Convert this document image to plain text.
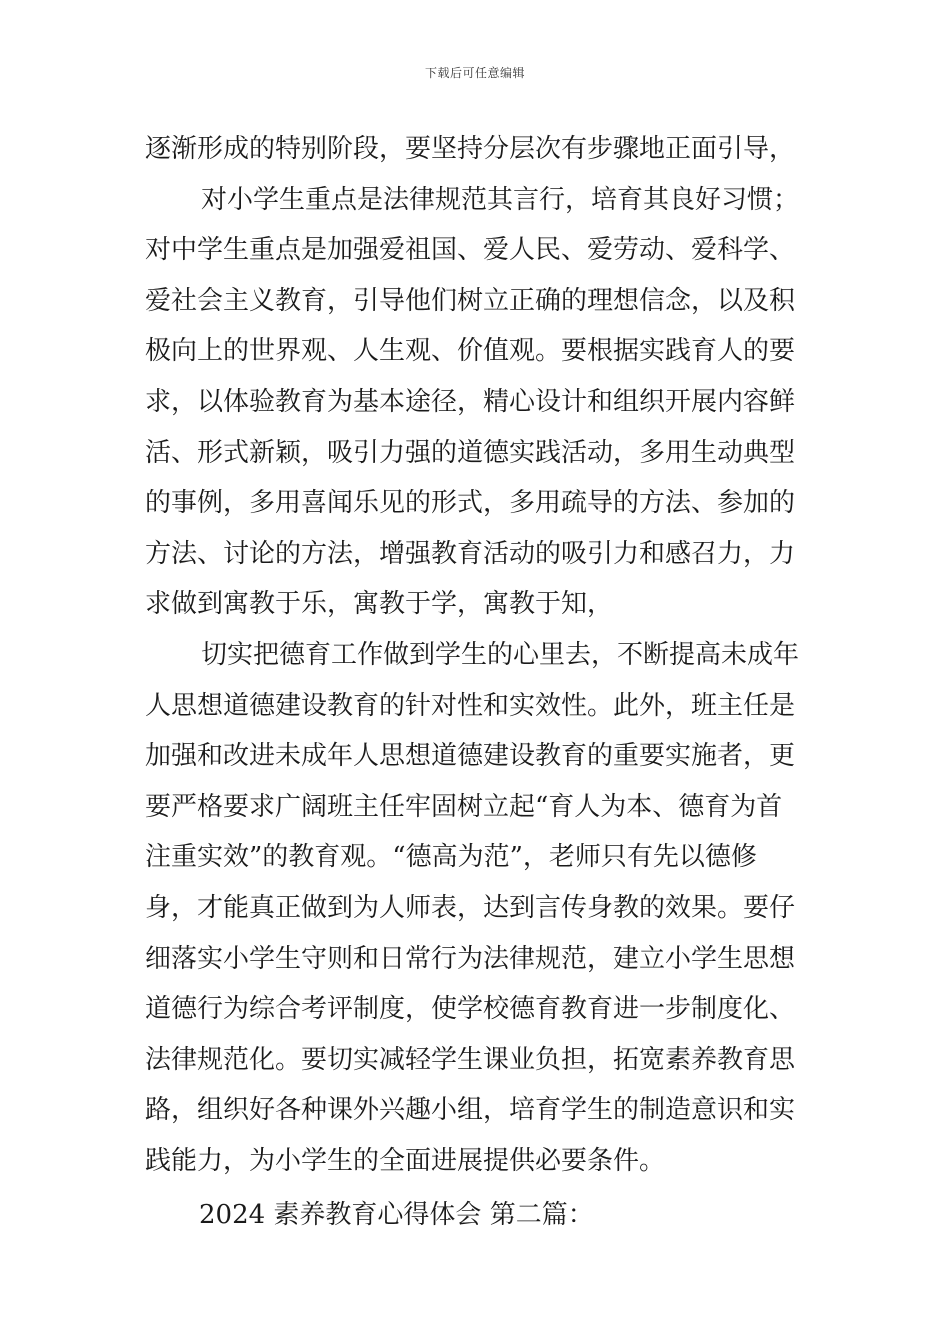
下载后可任意编辑
逐渐形成的特别阶段，要坚持分层次有步骤地正面引导，
对小学生重点是法律规范其言行，培育其良好习惯；
对中学生重点是加强爱祖国、爱人民、爱劳动、爱科学、
爱社会主义教育，引导他们树立正确的理想信念，以及积
极向上的世界观、人生观、价值观。要根据实践育人的要
求，以体验教育为基本途径，精心设计和组织开展内容鲜
活、形式新颖，吸引力强的道德实践活动，多用生动典型
的事例，多用喜闻乐见的形式，多用疏导的方法、参加的
方法、讨论的方法，增强教育活动的吸引力和感召力，力
求做到寓教于乐，寓教于学，寓教于知，
切实把德育工作做到学生的心里去，不断提高未成年
人思想道德建设教育的针对性和实效性。此外，班主任是
加强和改进未成年人思想道德建设教育的重要实施者，更
要严格要求广阔班主任牢固树立起“育人为本、德育为首
注重实效”的教育观。“德高为范”，老师只有先以德修
身，才能真正做到为人师表，达到言传身教的效果。要仔
细落实小学生守则和日常行为法律规范，建立小学生思想
道德行为综合考评制度，使学校德育教育进一步制度化、
法律规范化。要切实减轻学生课业负担，拓宽素养教育思
路，组织好各种课外兴趣小组，培育学生的制造意识和实
践能力，为小学生的全面进展提供必要条件。
2024 素养教育心得体会 第二篇：
